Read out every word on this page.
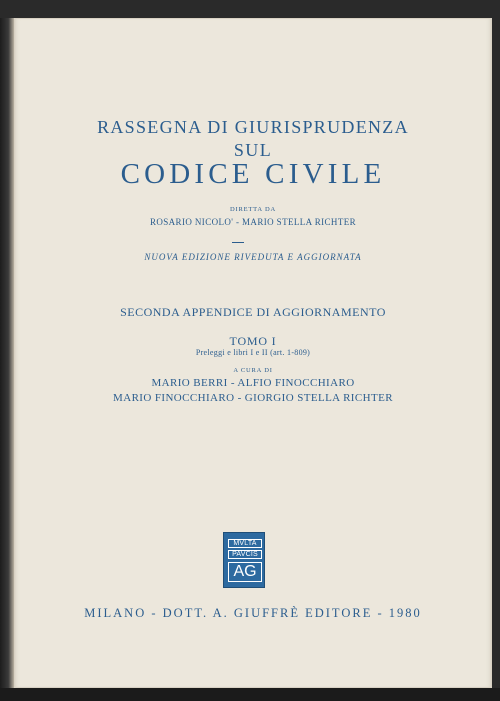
RASSEGNA DI GIURISPRUDENZA
SUL
CODICE CIVILE
DIRETTA DA
ROSARIO NICOLO' - MARIO STELLA RICHTER
NUOVA EDIZIONE RIVEDUTA E AGGIORNATA
SECONDA APPENDICE DI AGGIORNAMENTO
TOMO I
Preleggi e libri I e II (art. 1-809)
A CURA DI
MARIO BERRI - ALFIO FINOCCHIARO
MARIO FINOCCHIARO - GIORGIO STELLA RICHTER
MVLTA
PAVCIS
AG
MILANO - DOTT. A. GIUFFRÈ EDITORE - 1980
